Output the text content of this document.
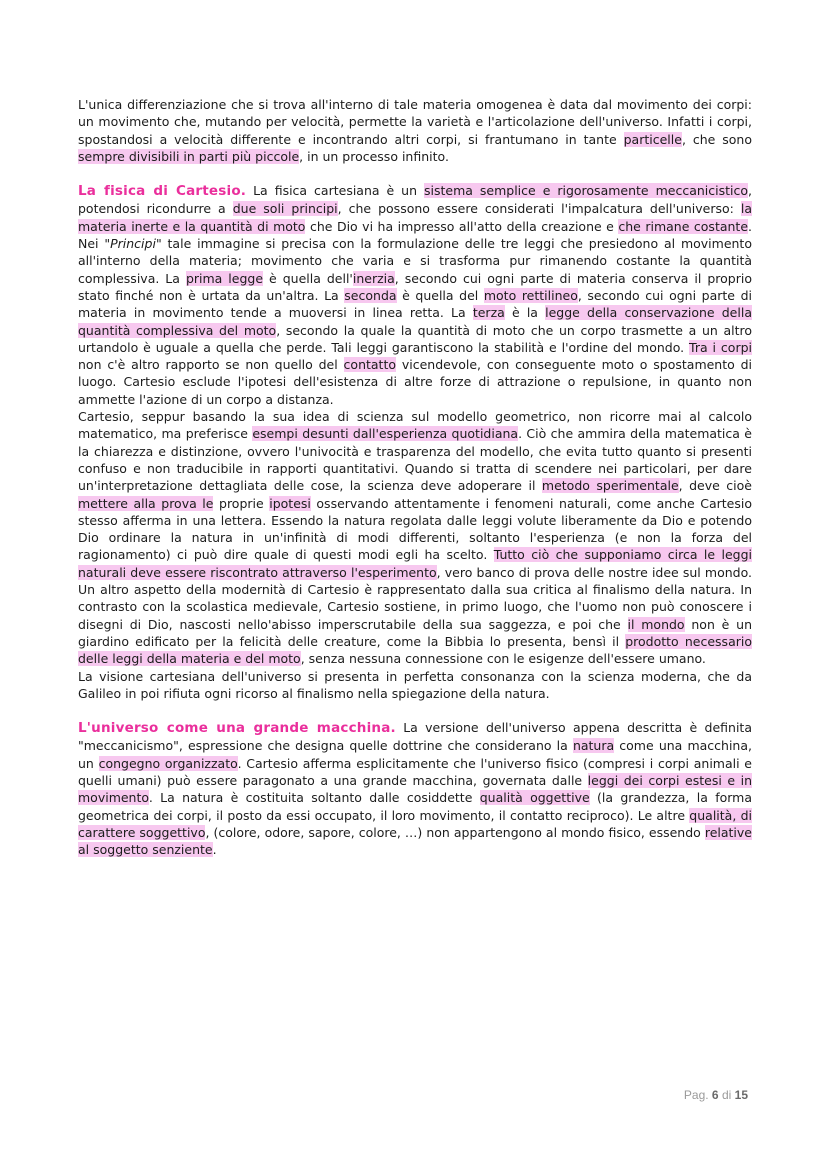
L'unica differenziazione che si trova all'interno di tale materia omogenea è data dal movimento dei corpi: un movimento che, mutando per velocità, permette la varietà e l'articolazione dell'universo. Infatti i corpi, spostandosi a velocità differente e incontrando altri corpi, si frantumano in tante particelle, che sono sempre divisibili in parti più piccole, in un processo infinito.

La fisica di Cartesio. La fisica cartesiana è un sistema semplice e rigorosamente meccanicistico, potendosi ricondurre a due soli principi, che possono essere considerati l'impalcatura dell'universo: la materia inerte e la quantità di moto che Dio vi ha impresso all'atto della creazione e che rimane costante. Nei "Principi" tale immagine si precisa con la formulazione delle tre leggi che presiedono al movimento all'interno della materia; movimento che varia e si trasforma pur rimanendo costante la quantità complessiva. La prima legge è quella dell'inerzia, secondo cui ogni parte di materia conserva il proprio stato finché non è urtata da un'altra. La seconda è quella del moto rettilineo, secondo cui ogni parte di materia in movimento tende a muoversi in linea retta. La terza è la legge della conservazione della quantità complessiva del moto, secondo la quale la quantità di moto che un corpo trasmette a un altro urtandolo è uguale a quella che perde. Tali leggi garantiscono la stabilità e l'ordine del mondo. Tra i corpi non c'è altro rapporto se non quello del contatto vicendevole, con conseguente moto o spostamento di luogo. Cartesio esclude l'ipotesi dell'esistenza di altre forze di attrazione o repulsione, in quanto non ammette l'azione di un corpo a distanza.

Cartesio, seppur basando la sua idea di scienza sul modello geometrico, non ricorre mai al calcolo matematico, ma preferisce esempi desunti dall'esperienza quotidiana. Ciò che ammira della matematica è la chiarezza e distinzione, ovvero l'univocità e trasparenza del modello, che evita tutto quanto si presenti confuso e non traducibile in rapporti quantitativi. Quando si tratta di scendere nei particolari, per dare un'interpretazione dettagliata delle cose, la scienza deve adoperare il metodo sperimentale, deve cioè mettere alla prova le proprie ipotesi osservando attentamente i fenomeni naturali, come anche Cartesio stesso afferma in una lettera. Essendo la natura regolata dalle leggi volute liberamente da Dio e potendo Dio ordinare la natura in un'infinità di modi differenti, soltanto l'esperienza (e non la forza del ragionamento) ci può dire quale di questi modi egli ha scelto. Tutto ciò che supponiamo circa le leggi naturali deve essere riscontrato attraverso l'esperimento, vero banco di prova delle nostre idee sul mondo. Un altro aspetto della modernità di Cartesio è rappresentato dalla sua critica al finalismo della natura. In contrasto con la scolastica medievale, Cartesio sostiene, in primo luogo, che l'uomo non può conoscere i disegni di Dio, nascosti nello'abisso imperscrutabile della sua saggezza, e poi che il mondo non è un giardino edificato per la felicità delle creature, come la Bibbia lo presenta, bensì il prodotto necessario delle leggi della materia e del moto, senza nessuna connessione con le esigenze dell'essere umano.

La visione cartesiana dell'universo si presenta in perfetta consonanza con la scienza moderna, che da Galileo in poi rifiuta ogni ricorso al finalismo nella spiegazione della natura.

L'universo come una grande macchina. La versione dell'universo appena descritta è definita "meccanicismo", espressione che designa quelle dottrine che considerano la natura come una macchina, un congegno organizzato. Cartesio afferma esplicitamente che l'universo fisico (compresi i corpi animali e quelli umani) può essere paragonato a una grande macchina, governata dalle leggi dei corpi estesi e in movimento. La natura è costituita soltanto dalle cosiddette qualità oggettive (la grandezza, la forma geometrica dei corpi, il posto da essi occupato, il loro movimento, il contatto reciproco). Le altre qualità, di carattere soggettivo, (colore, odore, sapore, colore, …) non appartengono al mondo fisico, essendo relative al soggetto senziente.

Pag. 6 di 15
